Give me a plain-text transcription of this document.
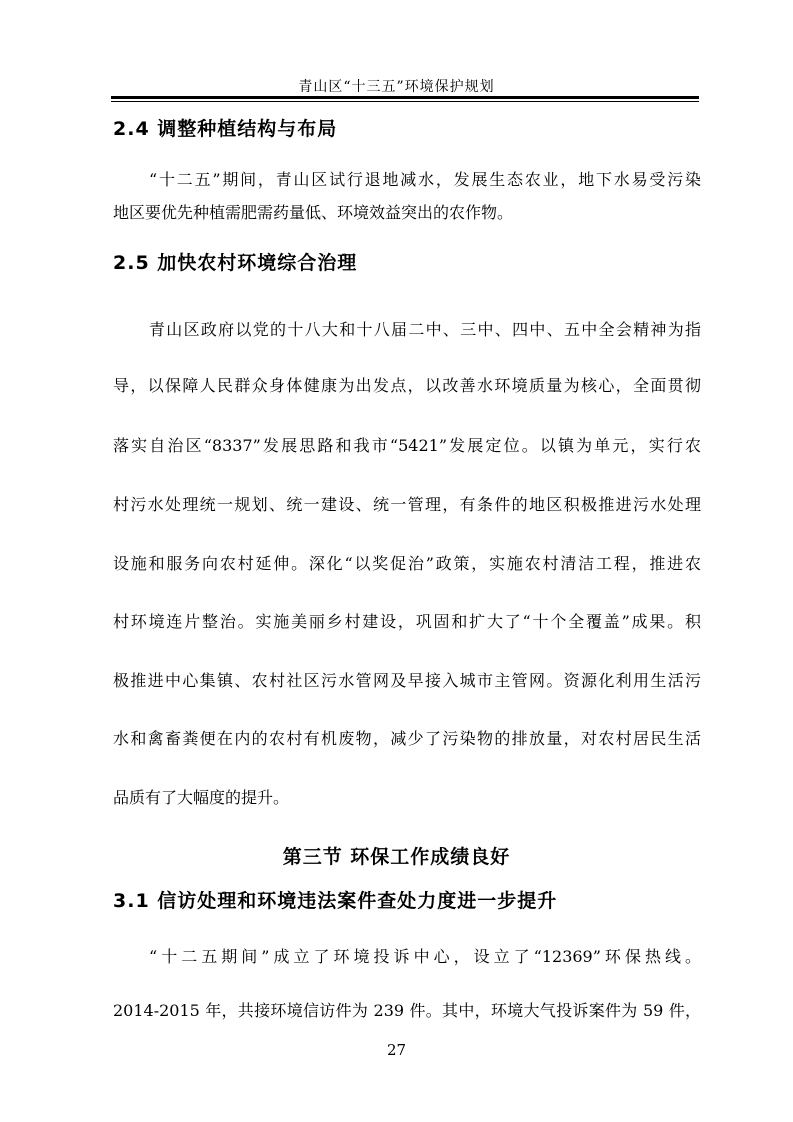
青山区“十三五”环境保护规划
2.4 调整种植结构与布局
“十二五”期间，青山区试行退地减水，发展生态农业，地下水易受污染
地区要优先种植需肥需药量低、环境效益突出的农作物。
2.5 加快农村环境综合治理
青山区政府以党的十八大和十八届二中、三中、四中、五中全会精神为指
导，以保障人民群众身体健康为出发点，以改善水环境质量为核心，全面贯彻
落实自治区“8337”发展思路和我市“5421”发展定位。以镇为单元，实行农
村污水处理统一规划、统一建设、统一管理，有条件的地区积极推进污水处理
设施和服务向农村延伸。深化“以奖促治”政策，实施农村清洁工程，推进农
村环境连片整治。实施美丽乡村建设，巩固和扩大了“十个全覆盖”成果。积
极推进中心集镇、农村社区污水管网及早接入城市主管网。资源化利用生活污
水和禽畜粪便在内的农村有机废物，减少了污染物的排放量，对农村居民生活
品质有了大幅度的提升。
第三节 环保工作成绩良好
3.1 信访处理和环境违法案件查处力度进一步提升
“十二五期间”成立了环境投诉中心，设立了“12369”环保热线。
2014-2015 年，共接环境信访件为 239 件。其中，环境大气投诉案件为 59 件，
27
